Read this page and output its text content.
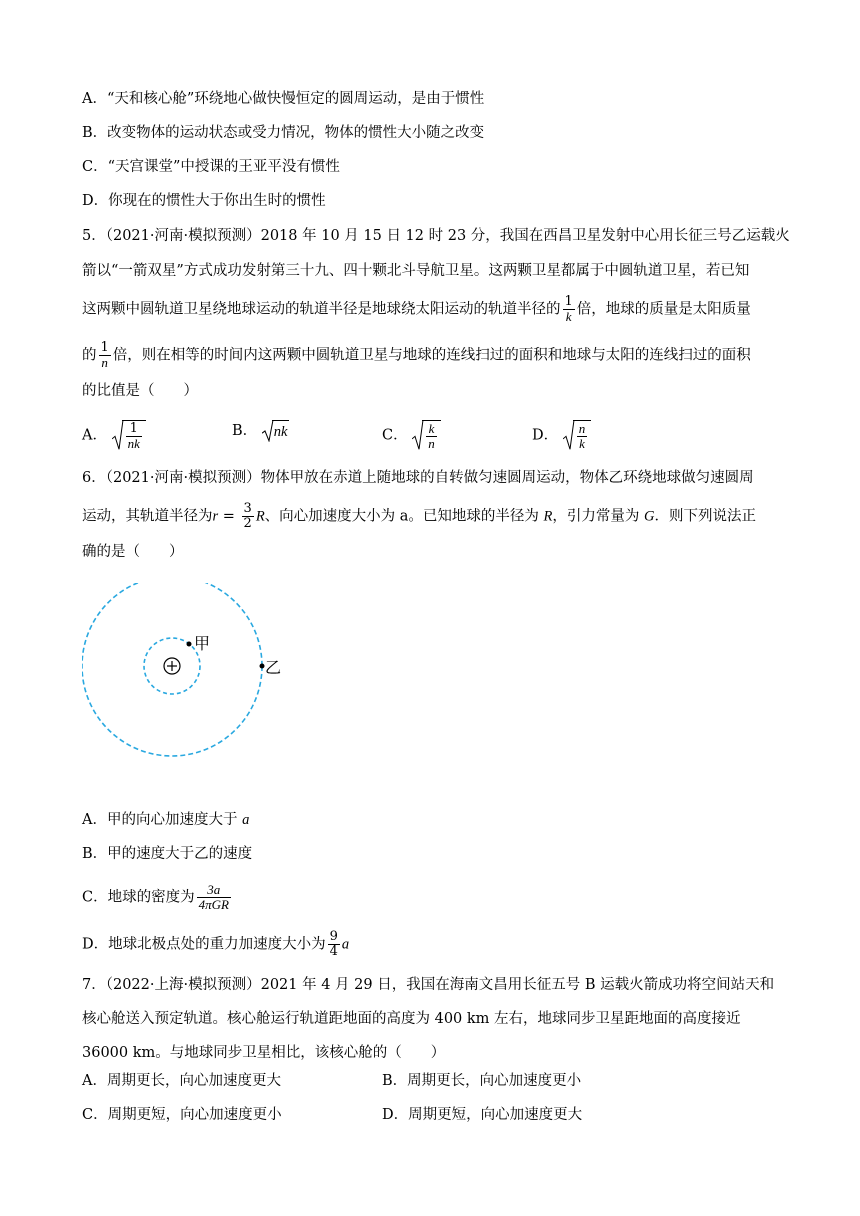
A．“天和核心舱”环绕地心做快慢恒定的圆周运动，是由于惯性
B．改变物体的运动状态或受力情况，物体的惯性大小随之改变
C．“天宫课堂”中授课的王亚平没有惯性
D．你现在的惯性大于你出生时的惯性
5．（2021·河南·模拟预测）2018 年 10 月 15 日 12 时 23 分，我国在西昌卫星发射中心用长征三号乙运载火
箭以“一箭双星”方式成功发射第三十九、四十颗北斗导航卫星。这两颗卫星都属于中圆轨道卫星，若已知
这两颗中圆轨道卫星绕地球运动的轨道半径是地球绕太阳运动的轨道半径的 $\frac{1}{k}$ 倍，地球的质量是太阳质量
的 $\frac{1}{n}$ 倍，则在相等的时间内这两颗中圆轨道卫星与地球的连线扫过的面积和地球与太阳的连线扫过的面积
的比值是（　　）
A． $\frac{1}{nk}$	B． nk	C． $\frac{k}{n}$	D． $\frac{n}{k}$
6．（2021·河南·模拟预测）物体甲放在赤道上随地球的自转做匀速圆周运动，物体乙环绕地球做匀速圆周
运动，其轨道半径为$r = \frac{3}{2}$ R、向心加速度大小为 a。已知地球的半径为 R，引力常量为 G．则下列说法正
确的是（　　）
甲
乙
A．甲的向心加速度大于 a
B．甲的速度大于乙的速度
C．地球的密度为 $\frac{3a}{\text{4πGR}}$
D．地球北极点处的重力加速度大小为 $\frac{9}{4}$ a
7．（2022·上海·模拟预测）2021 年 4 月 29 日，我国在海南文昌用长征五号 B 运载火箭成功将空间站天和
核心舱送入预定轨道。核心舱运行轨道距地面的高度为 400 km 左右，地球同步卫星距地面的高度接近
36000 km。与地球同步卫星相比，该核心舱的（　　）
A．周期更长，向心加速度更大	B．周期更长，向心加速度更小
C．周期更短，向心加速度更小	D．周期更短，向心加速度更大
